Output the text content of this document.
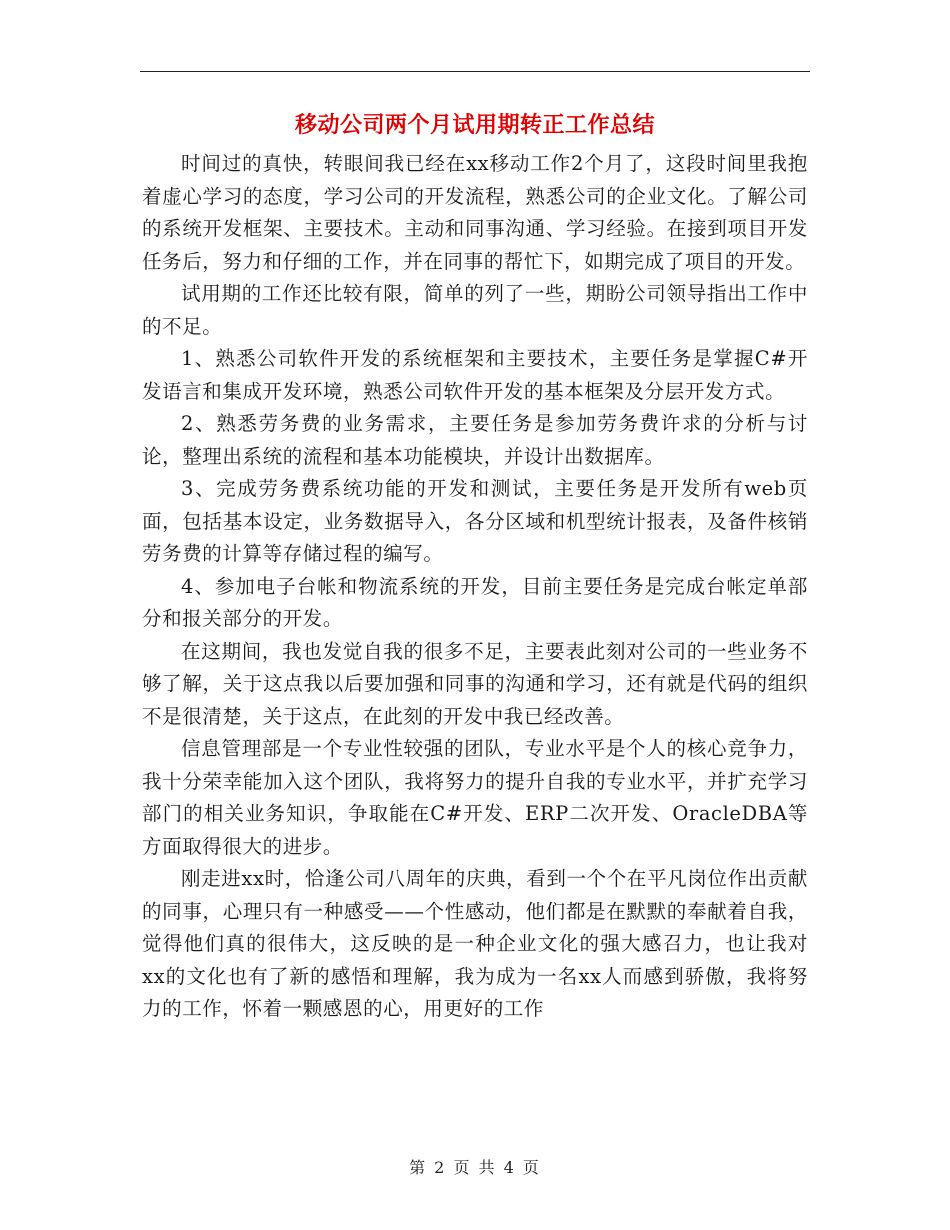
移动公司两个月试用期转正工作总结

时间过的真快，转眼间我已经在xx移动工作2个月了，这段时间里我抱着虚心学习的态度，学习公司的开发流程，熟悉公司的企业文化。了解公司的系统开发框架、主要技术。主动和同事沟通、学习经验。在接到项目开发任务后，努力和仔细的工作，并在同事的帮忙下，如期完成了项目的开发。

试用期的工作还比较有限，简单的列了一些，期盼公司领导指出工作中的不足。

1、熟悉公司软件开发的系统框架和主要技术，主要任务是掌握C#开发语言和集成开发环境，熟悉公司软件开发的基本框架及分层开发方式。

2、熟悉劳务费的业务需求，主要任务是参加劳务费许求的分析与讨论，整理出系统的流程和基本功能模块，并设计出数据库。

3、完成劳务费系统功能的开发和测试，主要任务是开发所有web页面，包括基本设定，业务数据导入，各分区域和机型统计报表，及备件核销劳务费的计算等存储过程的编写。

4、参加电子台帐和物流系统的开发，目前主要任务是完成台帐定单部分和报关部分的开发。

在这期间，我也发觉自我的很多不足，主要表此刻对公司的一些业务不够了解，关于这点我以后要加强和同事的沟通和学习，还有就是代码的组织不是很清楚，关于这点，在此刻的开发中我已经改善。

信息管理部是一个专业性较强的团队，专业水平是个人的核心竞争力，我十分荣幸能加入这个团队，我将努力的提升自我的专业水平，并扩充学习部门的相关业务知识，争取能在C#开发、ERP二次开发、OracleDBA等方面取得很大的进步。

刚走进xx时，恰逢公司八周年的庆典，看到一个个在平凡岗位作出贡献的同事，心理只有一种感受——个性感动，他们都是在默默的奉献着自我，觉得他们真的很伟大，这反映的是一种企业文化的强大感召力，也让我对xx的文化也有了新的感悟和理解，我为成为一名xx人而感到骄傲，我将努力的工作，怀着一颗感恩的心，用更好的工作

第 2 页 共 4 页
